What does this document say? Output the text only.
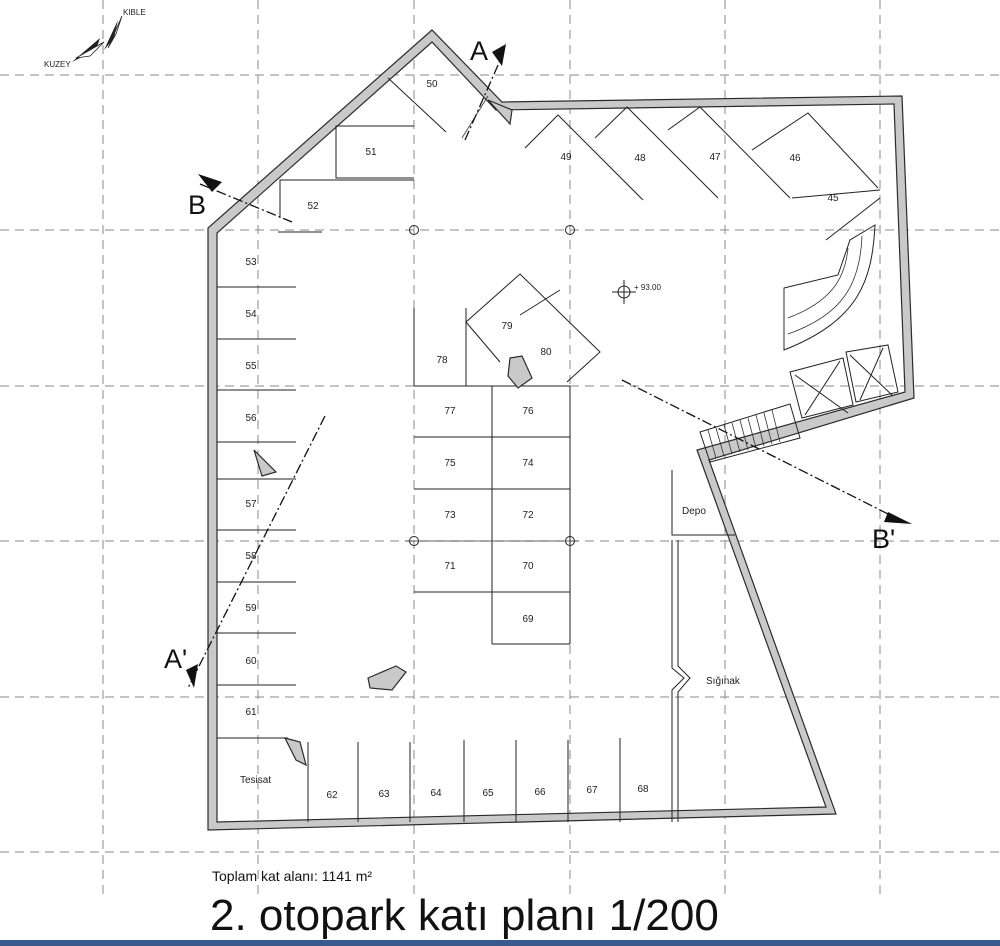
+ 93.00
KUZEY
KIBLE
A
A'
B
B'
45
46
47
48
49
50
51
52
53
54
55
56
57
58
59
60
61
62	63	64	65	66	67	68
69
70
71
72
73
74
75
76
77
78
79
80
Depo
Sığınak
Tesisat
Toplam kat alanı: 1141 m²
2. otopark katı planı 1/200
